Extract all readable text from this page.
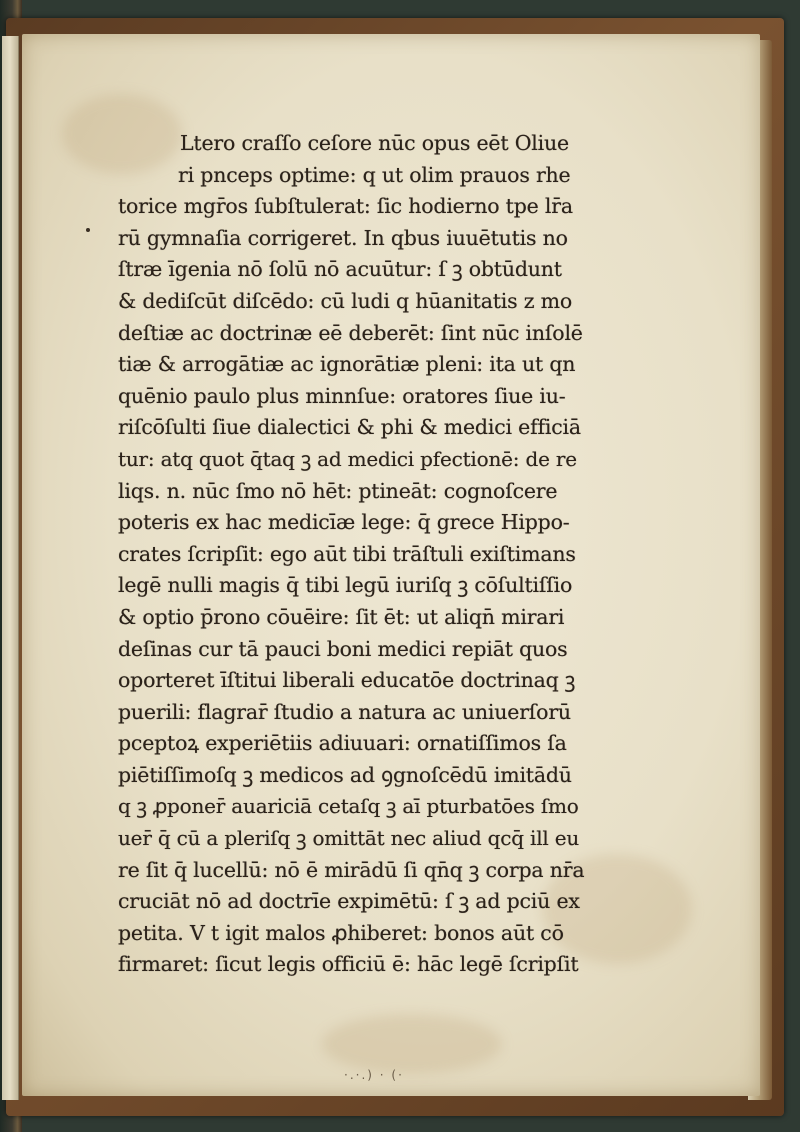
Ltero craſſo ceſore nūc opus eēt Oliue
ri pnceps optime: q ut olim prauos rhe
torice mgr̄os ſubſtulerat: ſic hodierno tpe lr̄a
rū gymnaſia corrigeret. In qbus iuuētutis no
ſtræ īgenia nō ſolū nō acuūtur: ſ ꝫ obtūdunt
& dediſcūt diſcēdo: cū ludi q hūanitatis z mo
deſtiæ ac doctrinæ eē deberēt: ſint nūc inſolē
tiæ & arrogātiæ ac ignorātiæ pleni: ita ut qn
quēnio paulo plus minnſue: oratores ſiue iu-
riſcōſulti ſiue dialectici & phi & medici efficiā
tur: atq quot q̄taq ꝫ ad medici pfectionē: de re
liqs. n. nūc ſmo nō hēt: ptineāt: cognoſcere
poteris ex hac medicīæ lege: q̄ grece Hippo-
crates ſcripſit: ego aūt tibi trāſtuli exiſtimans
legē nulli magis q̄ tibi legū iuriſq ꝫ cōſultiſſio
& optio p̄rono cōuēire: ſit ēt: ut aliqn̄ mirari
deſinas cur tā pauci boni medici repiāt quos
oporteret īſtitui liberali educatōe doctrinaq ꝫ
puerili: flagrar̄ ſtudio a natura ac uniuerſorū
pceptoꝝ experiētiis adiuuari: ornatiſſimos ſa
piētiſſimoſq ꝫ medicos ad ꝯgnoſcēdū imitādū
q ꝫ ꝓponer̄ auariciā cetaſq ꝫ aī pturbatōes ſmo
uer̄ q̄ cū a pleriſq ꝫ omittāt nec aliud qcq̄ ill eu
re ſit q̄ lucellū: nō ē mirādū ſi qn̄q ꝫ corpa nr̄a
cruciāt nō ad doctrīe expimētū: ſ ꝫ ad pciū ex
petita. V t igit malos ꝓhiberet: bonos aūt cō
firmaret: ſicut legis officiū ē: hāc legē ſcripſit
·.·.) · (·
